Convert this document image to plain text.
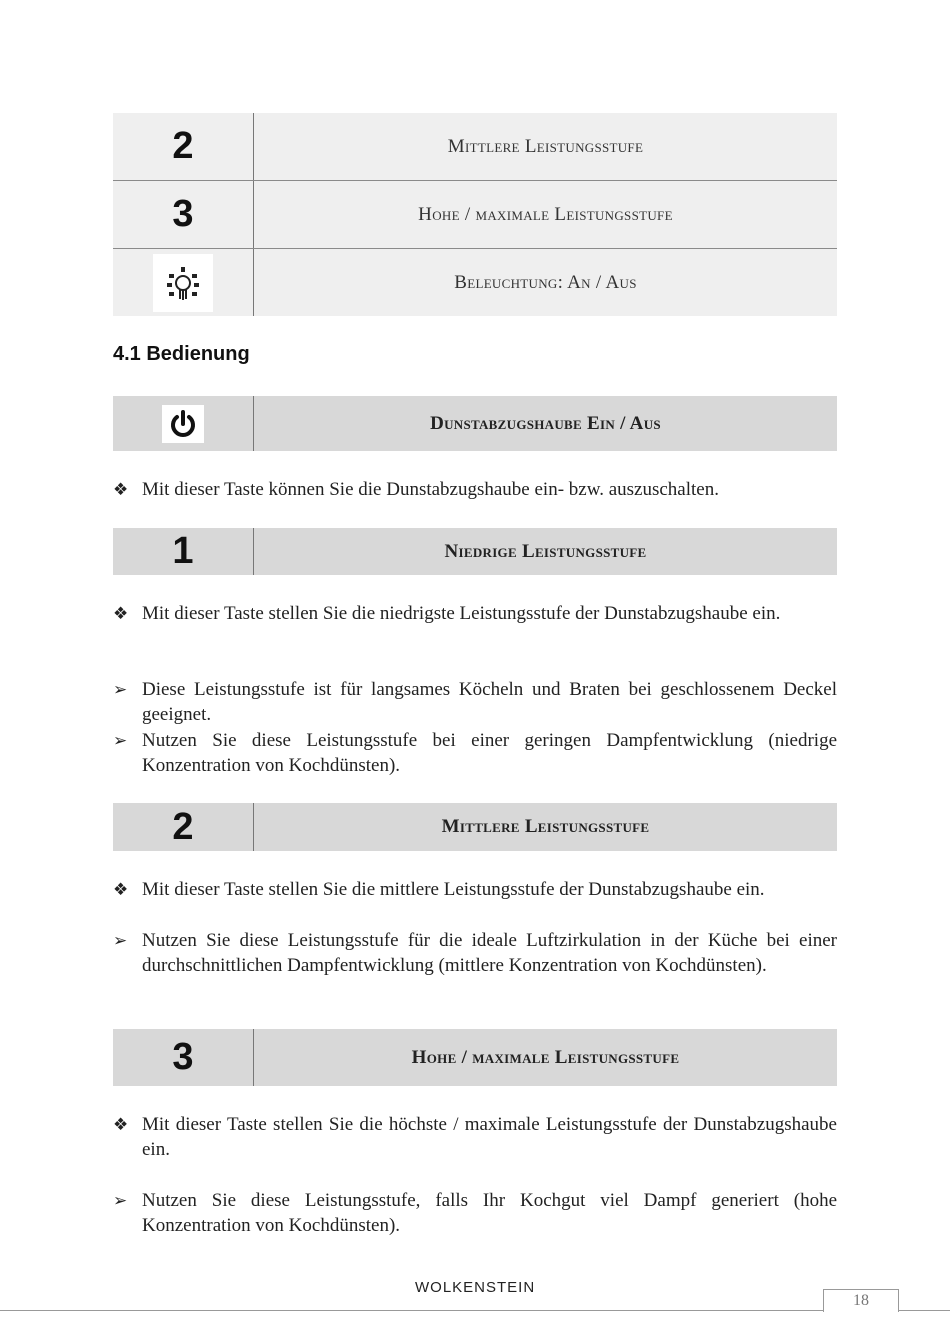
2	Mittlere Leistungsstufe
3	Hohe / maximale Leistungsstufe
Beleuchtung: An / Aus
4.1 Bedienung
Dunstabzugshaube Ein / Aus
❖ Mit dieser Taste können Sie die Dunstabzugshaube ein- bzw. auszuschalten.
1	Niedrige Leistungsstufe
❖ Mit dieser Taste stellen Sie die niedrigste Leistungsstufe der Dunstabzugshaube ein.
➢ Diese Leistungsstufe ist für langsames Köcheln und Braten bei geschlossenem Deckel geeignet.
➢ Nutzen Sie diese Leistungsstufe bei einer geringen Dampfentwicklung (niedrige Konzentration von Kochdünsten).
2	Mittlere Leistungsstufe
❖ Mit dieser Taste stellen Sie die mittlere Leistungsstufe der Dunstabzugshaube ein.
➢ Nutzen Sie diese Leistungsstufe für die ideale Luftzirkulation in der Küche bei einer durchschnittlichen Dampfentwicklung (mittlere Konzentration von Kochdünsten).
3	Hohe / maximale Leistungsstufe
❖ Mit dieser Taste stellen Sie die höchste / maximale Leistungsstufe der Dunstabzugshaube ein.
➢ Nutzen Sie diese Leistungsstufe, falls Ihr Kochgut viel Dampf generiert (hohe Konzentration von Kochdünsten).
WOLKENSTEIN
18
